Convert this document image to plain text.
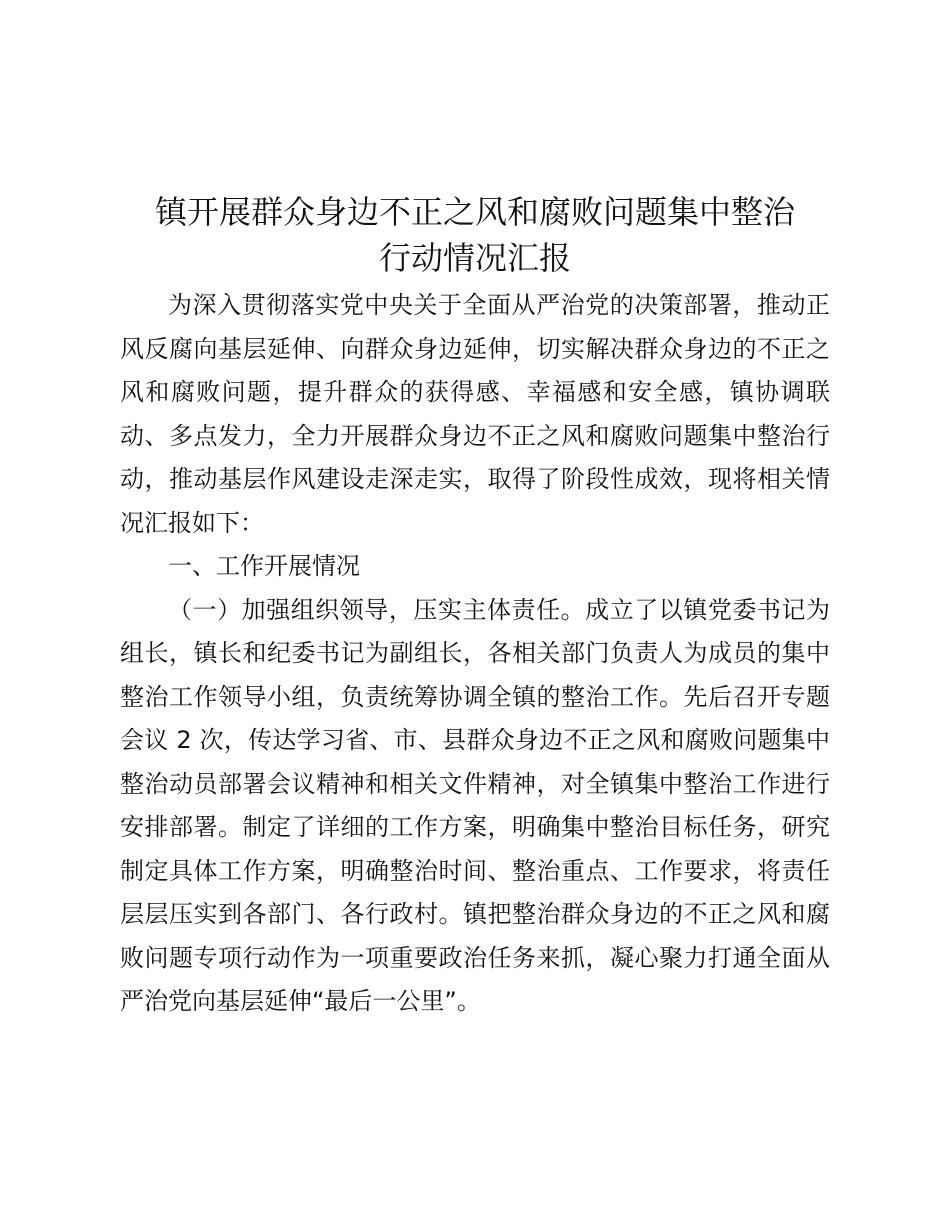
镇开展群众身边不正之风和腐败问题集中整治
行动情况汇报

为深入贯彻落实党中央关于全面从严治党的决策部署，推动正风反腐向基层延伸、向群众身边延伸，切实解决群众身边的不正之风和腐败问题，提升群众的获得感、幸福感和安全感，镇协调联动、多点发力，全力开展群众身边不正之风和腐败问题集中整治行动，推动基层作风建设走深走实，取得了阶段性成效，现将相关情况汇报如下：

一、工作开展情况

（一）加强组织领导，压实主体责任。成立了以镇党委书记为组长，镇长和纪委书记为副组长，各相关部门负责人为成员的集中整治工作领导小组，负责统筹协调全镇的整治工作。先后召开专题会议 2 次，传达学习省、市、县群众身边不正之风和腐败问题集中整治动员部署会议精神和相关文件精神，对全镇集中整治工作进行安排部署。制定了详细的工作方案，明确集中整治目标任务，研究制定具体工作方案，明确整治时间、整治重点、工作要求，将责任层层压实到各部门、各行政村。镇把整治群众身边的不正之风和腐败问题专项行动作为一项重要政治任务来抓，凝心聚力打通全面从严治党向基层延伸“最后一公里”。
